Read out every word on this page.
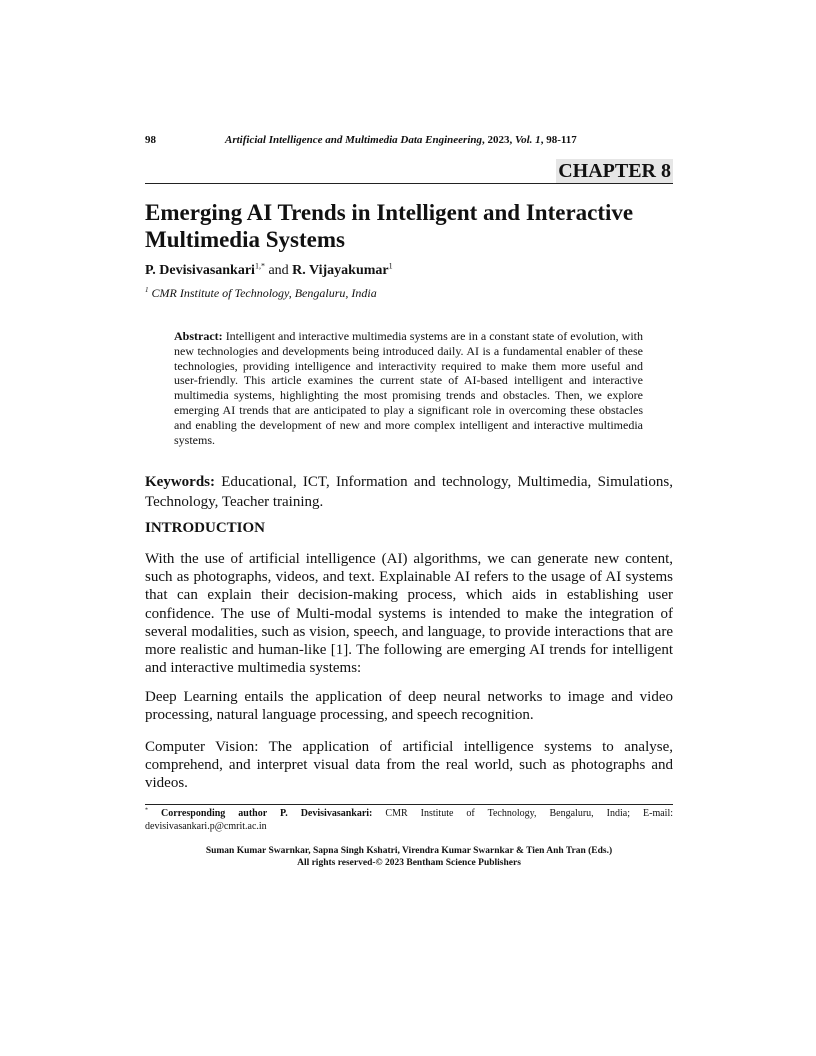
98	Artificial Intelligence and Multimedia Data Engineering, 2023, Vol. 1, 98-117
CHAPTER 8
Emerging AI Trends in Intelligent and Interactive Multimedia Systems
P. Devisivasankari$^{1,*}$ and R. Vijayakumar$^1$
$^1$ CMR Institute of Technology, Bengaluru, India

Abstract: Intelligent and interactive multimedia systems are in a constant state of evolution, with new technologies and developments being introduced daily. AI is a fundamental enabler of these technologies, providing intelligence and interactivity required to make them more useful and user-friendly. This article examines the current state of AI-based intelligent and interactive multimedia systems, highlighting the most promising trends and obstacles. Then, we explore emerging AI trends that are anticipated to play a significant role in overcoming these obstacles and enabling the development of new and more complex intelligent and interactive multimedia systems.

Keywords: Educational, ICT, Information and technology, Multimedia, Simulations, Technology, Teacher training.

INTRODUCTION

With the use of artificial intelligence (AI) algorithms, we can generate new content, such as photographs, videos, and text. Explainable AI refers to the usage of AI systems that can explain their decision-making process, which aids in establishing user confidence. The use of Multi-modal systems is intended to make the integration of several modalities, such as vision, speech, and language, to provide interactions that are more realistic and human-like [1]. The following are emerging AI trends for intelligent and interactive multimedia systems:

Deep Learning entails the application of deep neural networks to image and video processing, natural language processing, and speech recognition.

Computer Vision: The application of artificial intelligence systems to analyse, comprehend, and interpret visual data from the real world, such as photographs and videos.

* Corresponding author P. Devisivasankari: CMR Institute of Technology, Bengaluru, India; E-mail: devisivasankari.p@cmrit.ac.in

Suman Kumar Swarnkar, Sapna Singh Kshatri, Virendra Kumar Swarnkar & Tien Anh Tran (Eds.)
All rights reserved-© 2023 Bentham Science Publishers
